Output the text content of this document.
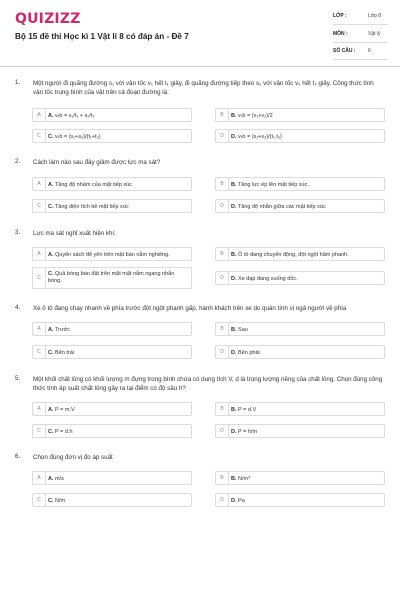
QUIZIZZ
Bộ 15 đề thi Học kì 1 Vật lí 8 có đáp án - Đề 7
LỚP :	Lớp 8
MÔN :	Vật lý
SỐ CÂU :	6
1. Một người đi quãng đường s₁ với vận tốc v₁ hết t₁ giây, đi quãng đường tiếp theo s₂ với vận tốc v₂ hết t₂ giây. Công thức tính vận tốc trung bình của vật trên cả đoạn đường là:
A	A. vₜb = s₁/t₁ + s₂/t₂	B	B. vₜb = (v₁+v₂)/2
C	C. vₜb = (s₁+s₂)/(t₁+t₂)	D	D. vₜb = (s₁+s₂)/(t₁.t₂)
2. Cách làm nào sau đây giảm được lực ma sát?
A	A. Tăng độ nhám của mặt tiếp xúc	B	B. Tăng lực ép lên mặt tiếp xúc.
C	C. Tăng diện tích bề mặt tiếp xúc	D	D. Tăng độ nhẵn giữa các mặt tiếp xúc
3. Lực ma sát nghỉ xuất hiện khi:
A	A. Quyển sách để yên trên mặt bàn nằm nghiêng.	B	B. Ô tô đang chuyển động, đột ngột hãm phanh.
C
C. Quả bóng bàn đặt trên mặt mặt nằm ngang nhẵn bóng.	D	D. Xe đạp đang xuống dốc.
4. Xe ô tô đang chạy nhanh về phía trước đột ngột phanh gấp, hành khách trên xe do quán tính vị ngả người về phía
A	A. Trước	B	B. Sau
C	C. Bên trái	D	D. Bên phải
5. Một khối chất lỏng có khối lượng m đựng trong bình chứa có dung tích V, d là trọng lượng riêng của chất lỏng. Chọn đúng công thức tính áp suất chất lỏng gây ra tại điểm có độ sâu h?
A	A. P = m.V	B	B. P = d.V
C	C. P = d.h	D	D. P = h/m
6. Chọn đúng đơn vị đo áp suất
A	A. m/s	B	B. N/m³
C	C. N/m	D	D. Pa
